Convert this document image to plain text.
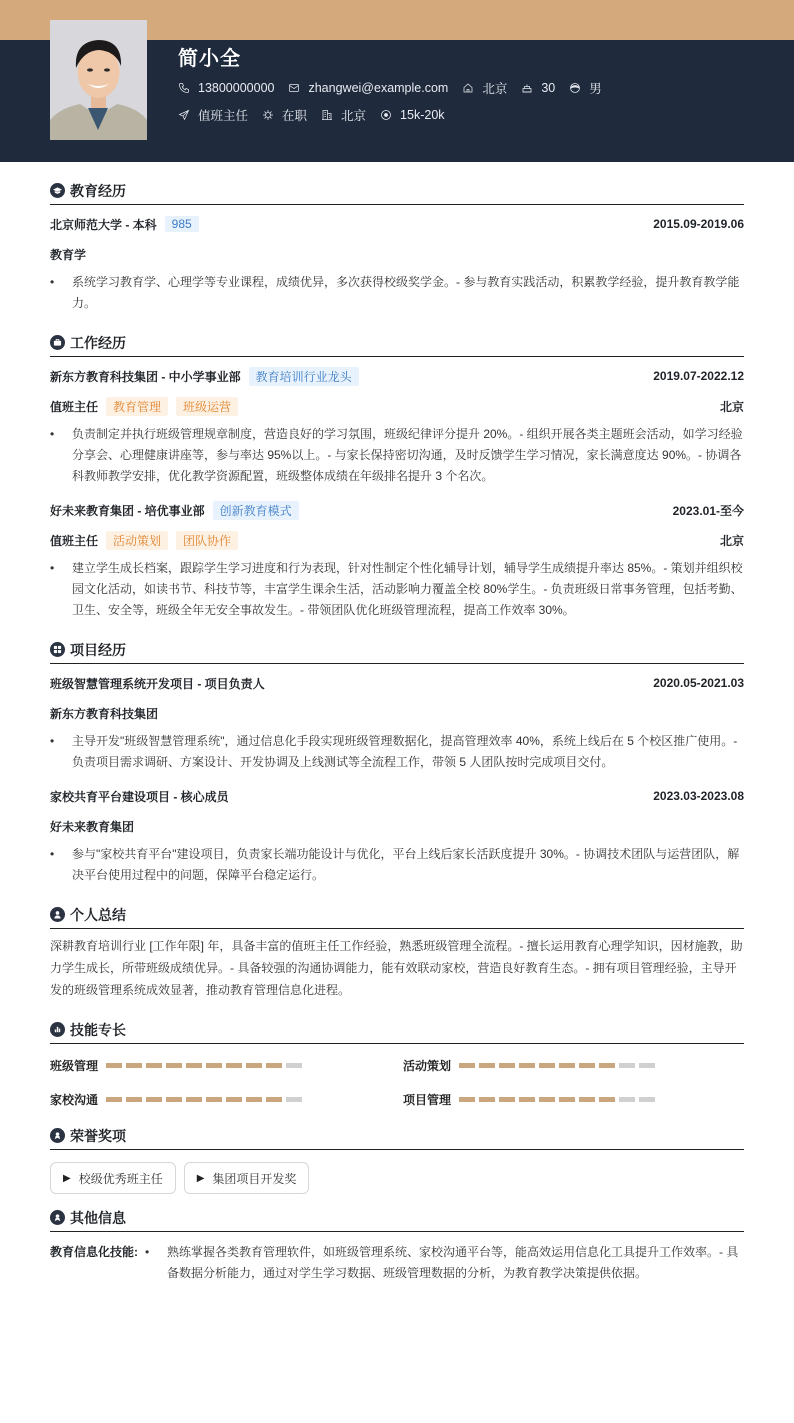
简小全
13800000000	zhangwei@example.com	北京	30	男
值班主任	在职	北京	15k-20k
教育经历
北京师范大学 - 本科	985	2015.09-2019.06
教育学
•	系统学习教育学、心理学等专业课程，成绩优异，多次获得校级奖学金。- 参与教育实践活动，积累教学经验，提升教育教学能力。
工作经历
新东方教育科技集团 - 中小学事业部	教育培训行业龙头	2019.07-2022.12
值班主任	教育管理	班级运营	北京
•	负责制定并执行班级管理规章制度，营造良好的学习氛围，班级纪律评分提升 20%。- 组织开展各类主题班会活动，如学习经验分享会、心理健康讲座等，参与率达 95%以上。- 与家长保持密切沟通，及时反馈学生学习情况，家长满意度达 90%。- 协调各科教师教学安排，优化教学资源配置，班级整体成绩在年级排名提升 3 个名次。
好未来教育集团 - 培优事业部	创新教育模式	2023.01-至今
值班主任	活动策划	团队协作	北京
•	建立学生成长档案，跟踪学生学习进度和行为表现，针对性制定个性化辅导计划，辅导学生成绩提升率达 85%。- 策划并组织校园文化活动，如读书节、科技节等，丰富学生课余生活，活动影响力覆盖全校 80%学生。- 负责班级日常事务管理，包括考勤、卫生、安全等，班级全年无安全事故发生。- 带领团队优化班级管理流程，提高工作效率 30%。
项目经历
班级智慧管理系统开发项目 - 项目负责人	2020.05-2021.03
新东方教育科技集团
•	主导开发"班级智慧管理系统"，通过信息化手段实现班级管理数据化，提高管理效率 40%，系统上线后在 5 个校区推广使用。- 负责项目需求调研、方案设计、开发协调及上线测试等全流程工作，带领 5 人团队按时完成项目交付。
家校共育平台建设项目 - 核心成员	2023.03-2023.08
好未来教育集团
•	参与"家校共育平台"建设项目，负责家长端功能设计与优化，平台上线后家长活跃度提升 30%。- 协调技术团队与运营团队，解决平台使用过程中的问题，保障平台稳定运行。
个人总结
深耕教育培训行业 [工作年限] 年，具备丰富的值班主任工作经验，熟悉班级管理全流程。- 擅长运用教育心理学知识，因材施教，助力学生成长，所带班级成绩优异。- 具备较强的沟通协调能力，能有效联动家校，营造良好教育生态。- 拥有项目管理经验，主导开发的班级管理系统成效显著，推动教育管理信息化进程。
技能专长
班级管理	活动策划
家校沟通	项目管理
荣誉奖项
▶ 校级优秀班主任	▶ 集团项目开发奖
其他信息
教育信息化技能: •	熟练掌握各类教育管理软件，如班级管理系统、家校沟通平台等，能高效运用信息化工具提升工作效率。- 具备数据分析能力，通过对学生学习数据、班级管理数据的分析，为教育教学决策提供依据。
